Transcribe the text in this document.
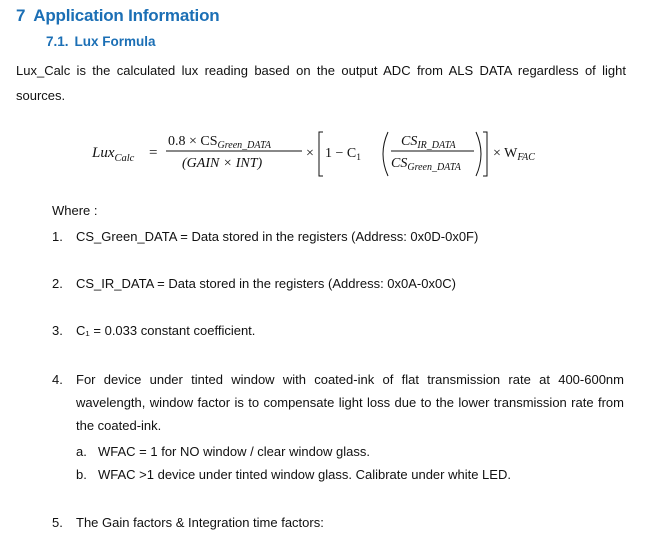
7 Application Information
7.1. Lux Formula
Lux_Calc is the calculated lux reading based on the output ADC from ALS DATA regardless of light sources.
Lux$_{Calc}$ =
$0.8 \times CS_{Green\_DATA}$
(GAIN × INT)
× $1 - C_1$
$CS_{IR\_DATA}$
$CS_{Green\_DATA}$
× $W_{FAC}$
Where :
1. CS_Green_DATA = Data stored in the registers (Address: 0x0D-0x0F)
2. CS_IR_DATA = Data stored in the registers (Address: 0x0A-0x0C)
3. C₁ = 0.033 constant coefficient.
4.	For device under tinted window with coated-ink of flat transmission rate at 400-600nm wavelength, window factor is to compensate light loss due to the lower transmission rate from the coated-ink.
a. WFAC = 1 for NO window / clear window glass.
b. WFAC >1 device under tinted window glass. Calibrate under white LED.
5. The Gain factors & Integration time factors:
